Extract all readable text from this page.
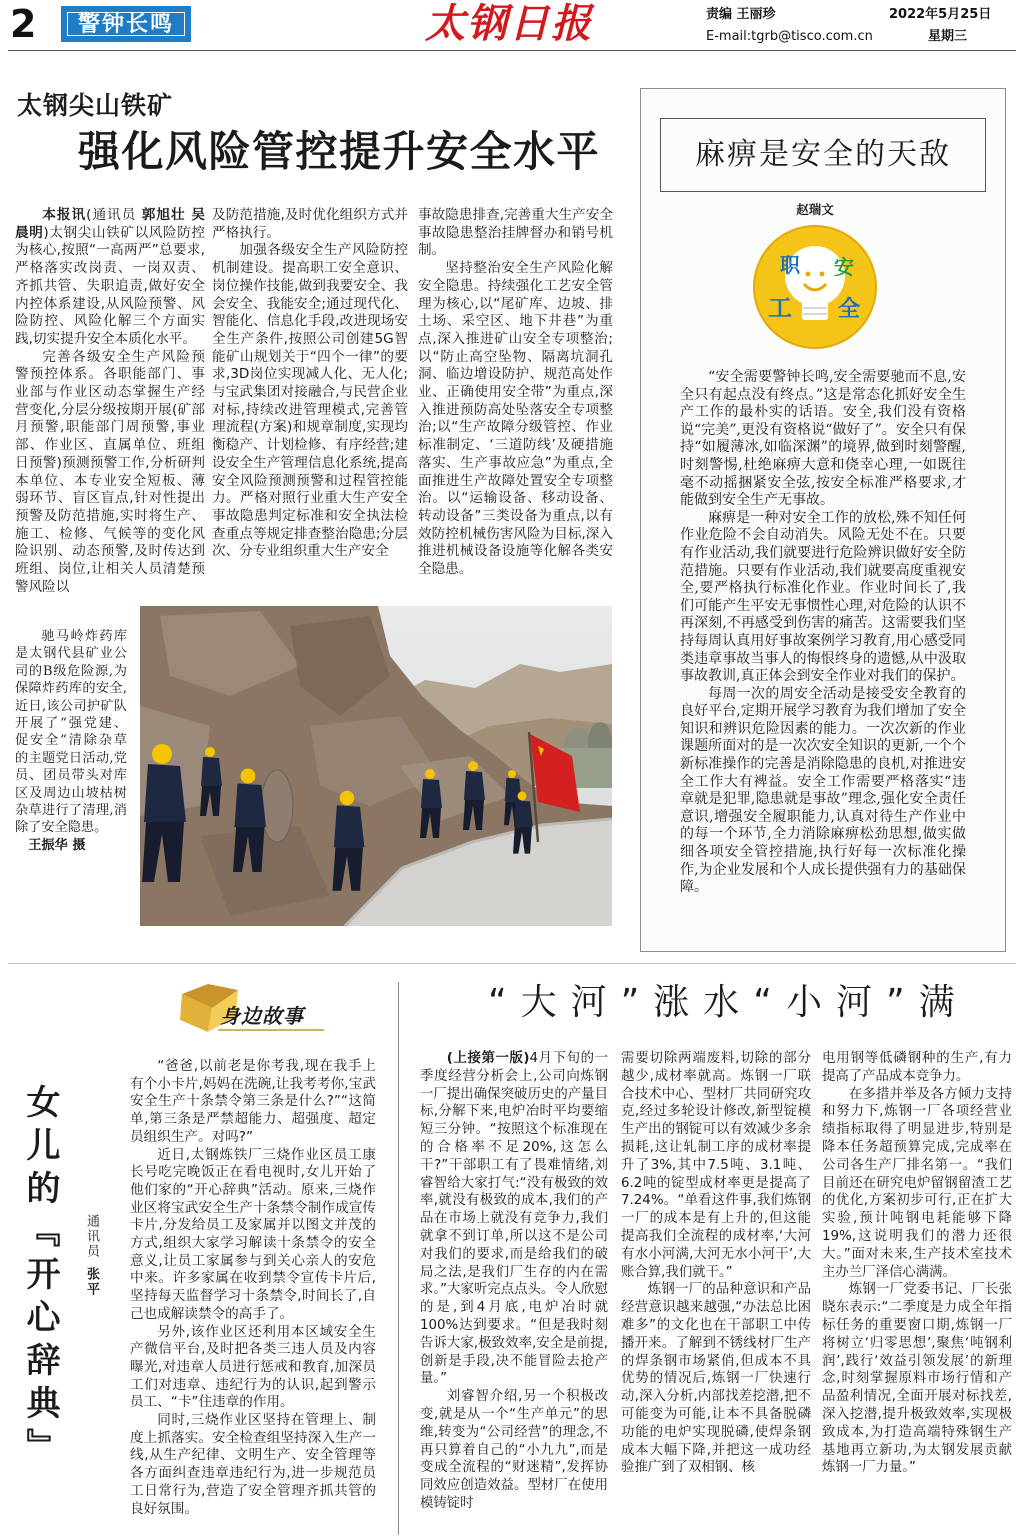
2	警钟长鸣	太钢日报	责编 王丽珍
E-mail:tgrb@tisco.com.cn
2022年5月25日
星期三
太钢尖山铁矿
强化风险管控提升安全水平

本报讯(通讯员 郭旭壮 吴晨明)太钢尖山铁矿以风险防控为核心,按照“一高两严”总要求,严格落实改岗责、一岗双责、齐抓共管、失职追责,做好安全内控体系建设,从风险预警、风险防控、风险化解三个方面实践,切实提升安全本质化水平。

完善各级安全生产风险预警预控体系。各职能部门、事业部与作业区动态掌握生产经营变化,分层分级按期开展(矿部月预警,职能部门周预警,事业部、作业区、直属单位、班组日预警)预测预警工作,分析研判本单位、本专业安全短板、薄弱环节、盲区盲点,针对性提出预警及防范措施,实时将生产、施工、检修、气候等的变化风险识别、动态预警,及时传达到班组、岗位,让相关人员清楚预警风险以

及防范措施,及时优化组织方式并严格执行。

加强各级安全生产风险防控机制建设。提高职工安全意识、岗位操作技能,做到我要安全、我会安全、我能安全;通过现代化、智能化、信息化手段,改进现场安全生产条件,按照公司创建5G智能矿山规划关于“四个一律”的要求,3D岗位实现减人化、无人化;与宝武集团对接融合,与民营企业对标,持续改进管理模式,完善管理流程(方案)和规章制度,实现均衡稳产、计划检修、有序经营;建设安全生产管理信息化系统,提高安全风险预测预警和过程管控能力。严格对照行业重大生产安全事故隐患判定标准和安全执法检查重点等规定排查整治隐患;分层次、分专业组织重大生产安全

事故隐患排查,完善重大生产安全事故隐患整治挂牌督办和销号机制。

坚持整治安全生产风险化解安全隐患。持续强化工艺安全管理为核心,以“尾矿库、边坡、排土场、采空区、地下井巷”为重点,深入推进矿山安全专项整治;以“防止高空坠物、隔离坑洞孔洞、临边增设防护、规范高处作业、正确使用安全带”为重点,深入推进预防高处坠落安全专项整治;以“生产故障分级管控、作业标准制定、‘三道防线’及硬措施落实、生产事故应急”为重点,全面推进生产故障处置安全专项整治。以“运输设备、移动设备、转动设备”三类设备为重点,以有效防控机械伤害风险为目标,深入推进机械设备设施等化解各类安全隐患。

驰马岭炸药库是太钢代县矿业公司的B级危险源,为保障炸药库的安全,近日,该公司护矿队开展了“强党建、促安全”清除杂草的主题党日活动,党员、团员带头对库区及周边山坡枯树杂草进行了清理,消除了安全隐患。

王振华 摄
麻痹是安全的天敌
赵瑞文
职 安
工 全

“安全需要警钟长鸣,安全需要驰而不息,安全只有起点没有终点。”这是常态化抓好安全生产工作的最朴实的话语。安全,我们没有资格说“完美”,更没有资格说“做好了”。安全只有保持“如履薄冰,如临深渊”的境界,做到时刻警醒,时刻警惕,杜绝麻痹大意和侥幸心理,一如既往毫不动摇捆紧安全弦,按安全标准严格要求,才能做到安全生产无事故。

麻痹是一种对安全工作的放松,殊不知任何作业危险不会自动消失。风险无处不在。只要有作业活动,我们就要进行危险辨识做好安全防范措施。只要有作业活动,我们就要高度重视安全,要严格执行标准化作业。作业时间长了,我们可能产生平安无事惯性心理,对危险的认识不再深刻,不再感受到伤害的痛苦。这需要我们坚持每周认真用好事故案例学习教育,用心感受同类违章事故当事人的悔恨终身的遗憾,从中汲取事故教训,真正体会到安全作业对我们的保护。

每周一次的周安全活动是接受安全教育的良好平台,定期开展学习教育为我们增加了安全知识和辨识危险因素的能力。一次次新的作业课题所面对的是一次次安全知识的更新,一个个新标准操作的完善是消除隐患的良机,对推进安全工作大有裨益。安全工作需要严格落实“违章就是犯罪,隐患就是事故”理念,强化安全责任意识,增强安全履职能力,认真对待生产作业中的每一个环节,全力消除麻痹松劲思想,做实做细各项安全管控措施,执行好每一次标准化操作,为企业发展和个人成长提供强有力的基础保障。

身边故事
女儿的『开心辞典』 通讯员张平

“爸爸,以前老是你考我,现在我手上有个小卡片,妈妈在洗碗,让我考考你,宝武安全生产十条禁令第三条是什么?”“这简单,第三条是严禁超能力、超强度、超定员组织生产。对吗?”

近日,太钢炼铁厂三烧作业区员工康长号吃完晚饭正在看电视时,女儿开始了他们家的“开心辞典”活动。原来,三烧作业区将宝武安全生产十条禁令制作成宣传卡片,分发给员工及家属并以图文并茂的方式,组织大家学习解读十条禁令的安全意义,让员工家属参与到关心亲人的安危中来。许多家属在收到禁令宣传卡片后,坚持每天监督学习十条禁令,时间长了,自己也成解读禁令的高手了。

另外,该作业区还利用本区域安全生产微信平台,及时把各类三违人员及内容曝光,对违章人员进行惩戒和教育,加深员工们对违章、违纪行为的认识,起到警示员工、“卡”住违章的作用。

同时,三烧作业区坚持在管理上、制度上抓落实。安全检查组坚持深入生产一线,从生产纪律、文明生产、安全管理等各方面纠查违章违纪行为,进一步规范员工日常行为,营造了安全管理齐抓共管的良好氛围。

“大河”涨水“小河”满

(上接第一版)4月下旬的一季度经营分析会上,公司向炼钢一厂提出确保突破历史的产量目标,分解下来,电炉冶时平均要缩短三分钟。“按照这个标准现在的合格率不足20%,这怎么干?”干部职工有了畏难情绪,刘睿智给大家打气:“没有极致的效率,就没有极致的成本,我们的产品在市场上就没有竞争力,我们就拿不到订单,所以这不是公司对我们的要求,而是给我们的破局之法,是我们厂生存的内在需求。”大家听完点点头。令人欣慰的是,到4月底,电炉冶时就100%达到要求。“但是我时刻告诉大家,极致效率,安全是前提,创新是手段,决不能冒险去抢产量。”

刘睿智介绍,另一个积极改变,就是从一个“生产单元”的思维,转变为“公司经营”的理念,不再只算着自己的“小九九”,而是变成全流程的“财迷精”,发挥协同效应创造效益。型材厂在使用模铸锭时

需要切除两端废料,切除的部分越少,成材率就高。炼钢一厂联合技术中心、型材厂共同研究攻克,经过多轮设计修改,新型锭模生产出的钢锭可以有效减少多余损耗,这让轧制工序的成材率提升了3%,其中7.5吨、3.1吨、6.2吨的锭型成材率更是提高了7.24%。“单看这件事,我们炼钢一厂的成本是有上升的,但这能提高我们全流程的成材率,‘大河有水小河满,大河无水小河干’,大账合算,我们就干。”

炼钢一厂的品种意识和产品经营意识越来越强,“办法总比困难多”的文化也在干部职工中传播开来。了解到不锈线材厂生产的焊条钢市场紧俏,但成本不具优势的情况后,炼钢一厂快速行动,深入分析,内部找差挖潜,把不可能变为可能,让本不具备脱磷功能的电炉实现脱磷,使焊条钢成本大幅下降,并把这一成功经验推广到了双相钢、核

电用钢等低磷钢种的生产,有力提高了产品成本竞争力。

在多措并举及各方倾力支持和努力下,炼钢一厂各项经营业绩指标取得了明显进步,特别是降本任务超预算完成,完成率在公司各生产厂排名第一。“我们目前还在研究电炉留钢留渣工艺的优化,方案初步可行,正在扩大实验,预计吨钢电耗能够下降19%,这说明我们的潜力还很大。”面对未来,生产技术室技术主办兰厂泽信心满满。

炼钢一厂党委书记、厂长张晓东表示:“二季度是力成全年指标任务的重要窗口期,炼钢一厂将树立‘归零思想’,聚焦‘吨钢利润’,践行‘效益引领发展’的新理念,时刻掌握原料市场行情和产品盈利情况,全面开展对标找差,深入挖潜,提升极致效率,实现极致成本,为打造高端特殊钢生产基地再立新功,为太钢发展贡献炼钢一厂力量。”
